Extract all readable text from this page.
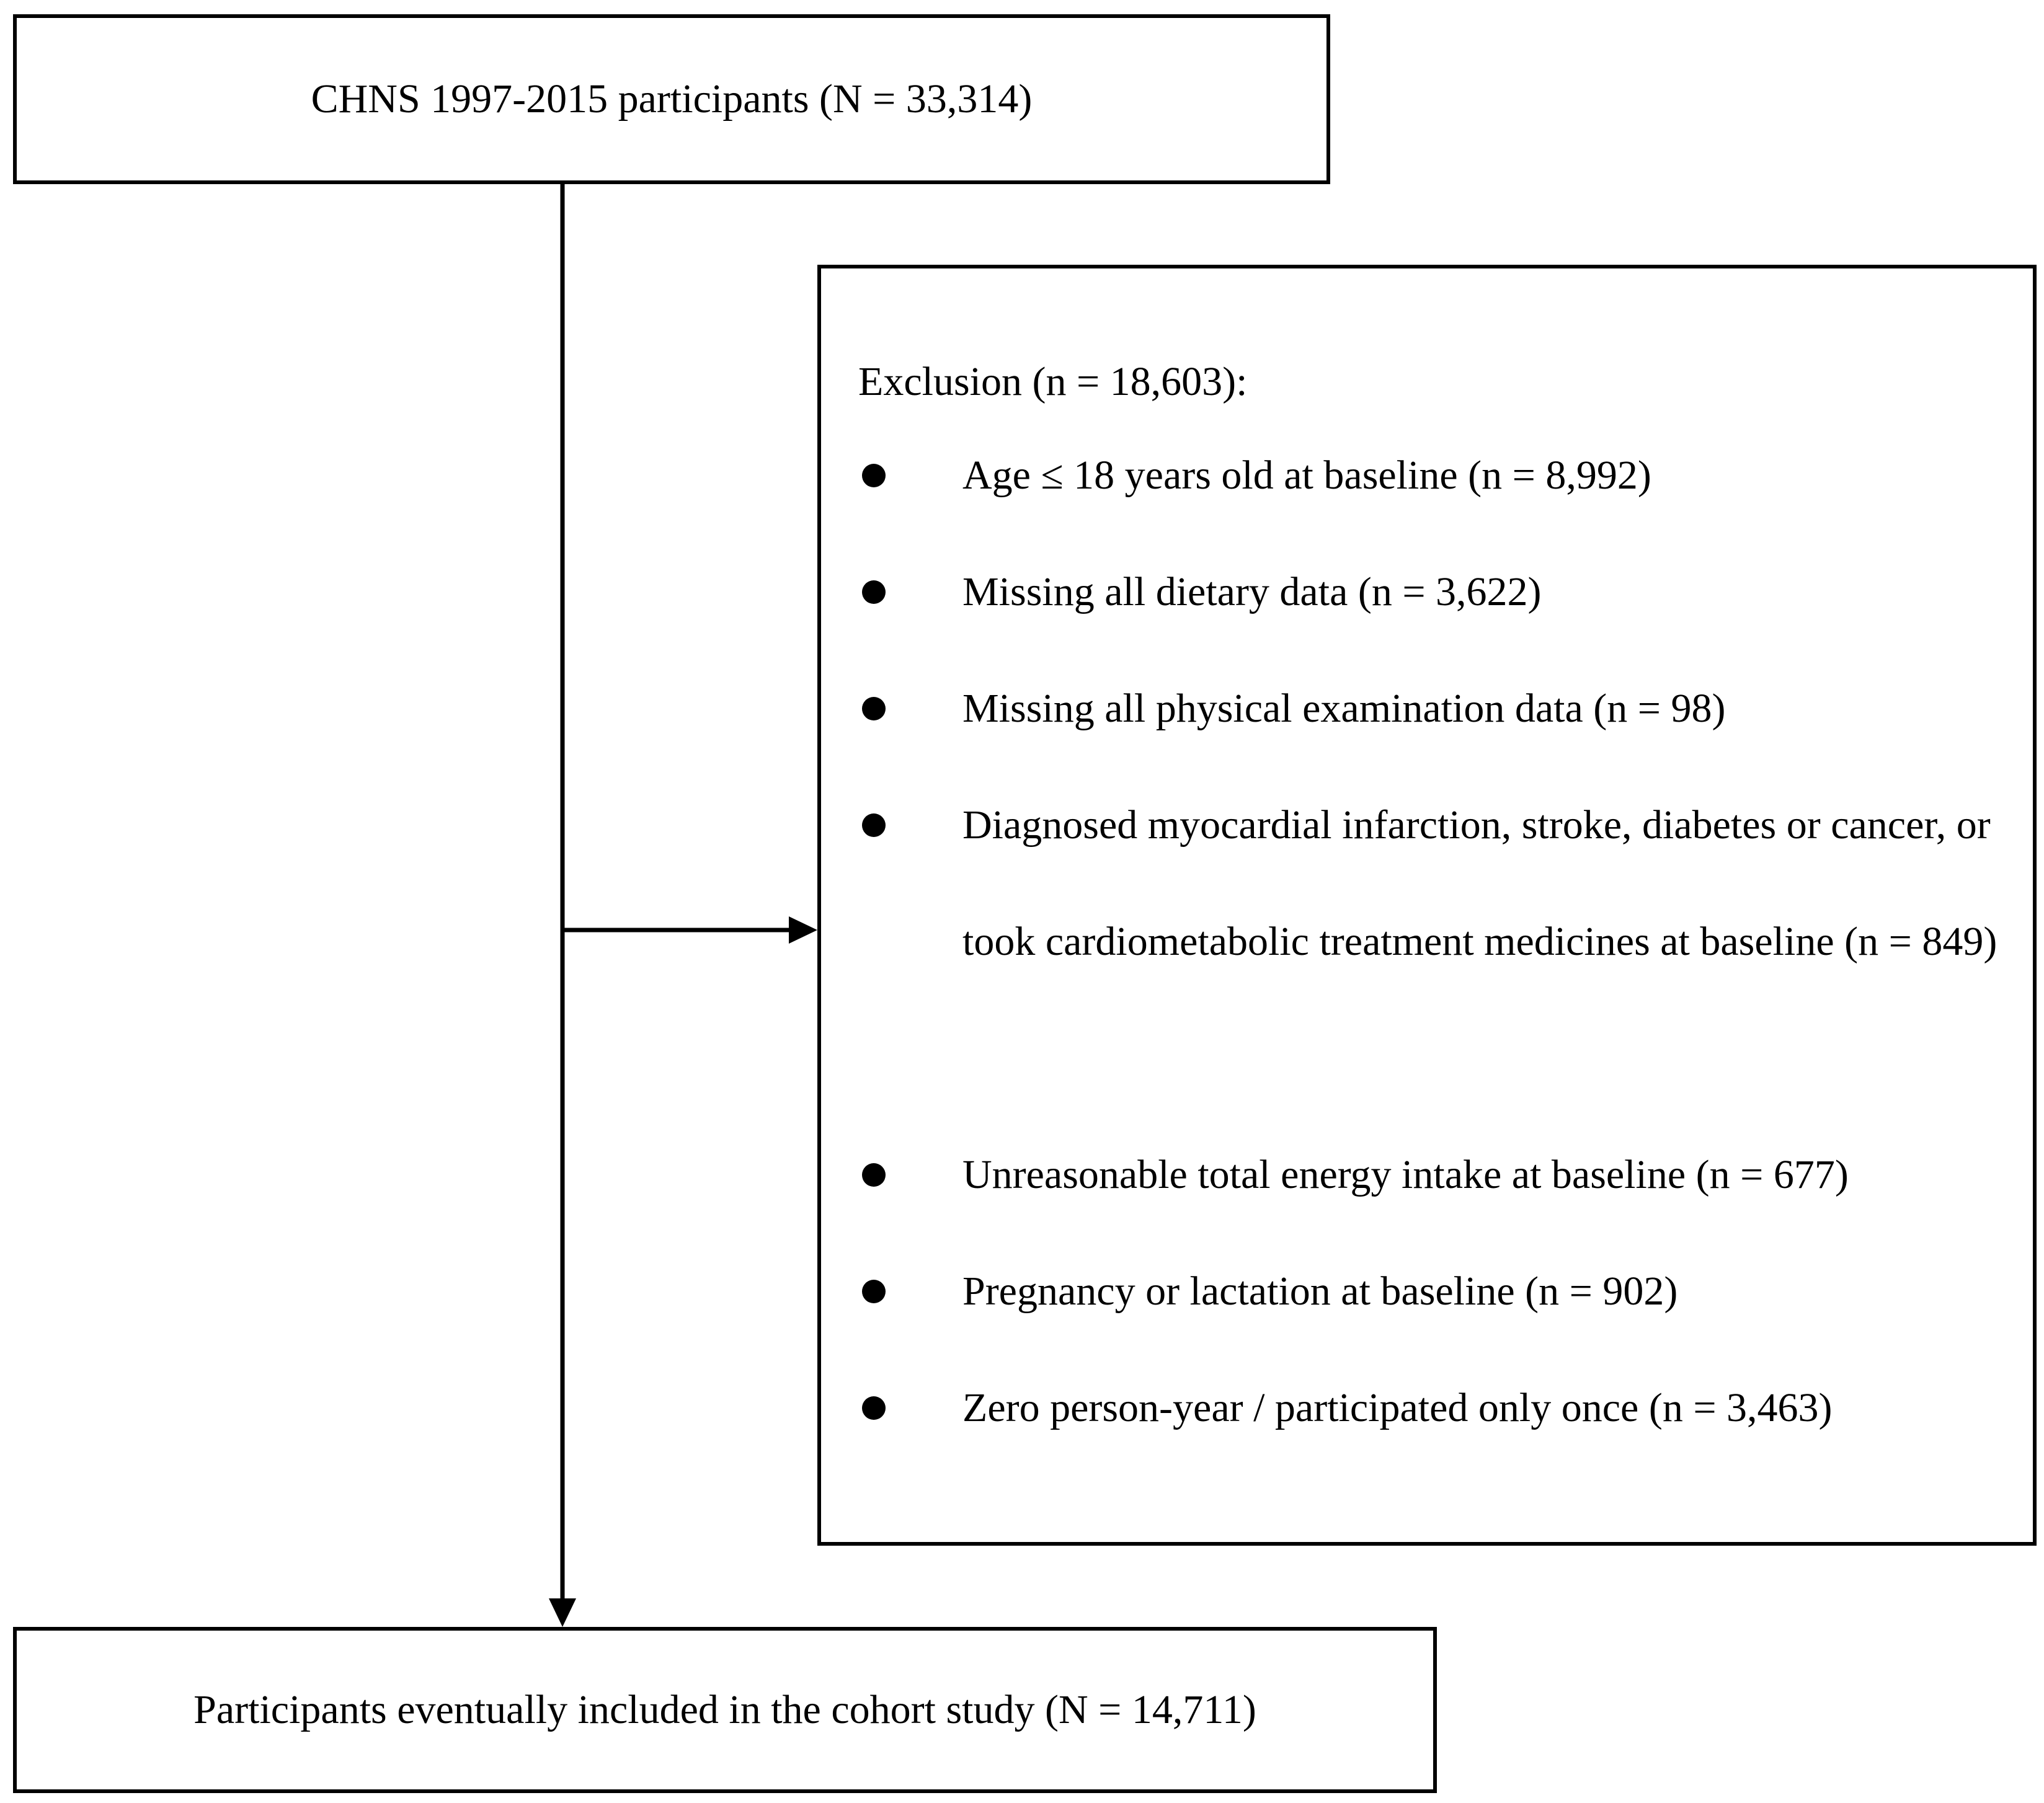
CHNS 1997-2015 participants (N = 33,314)
Exclusion (n = 18,603):

Age ≤ 18 years old at baseline (n = 8,992)

Missing all dietary data (n = 3,622)

Missing all physical examination data (n = 98)

Diagnosed myocardial infarction, stroke, diabetes or cancer, or took cardiometabolic treatment medicines at baseline (n = 849)

Unreasonable total energy intake at baseline (n = 677)

Pregnancy or lactation at baseline (n = 902)

Zero person-year / participated only once (n = 3,463)

Participants eventually included in the cohort study (N = 14,711)
